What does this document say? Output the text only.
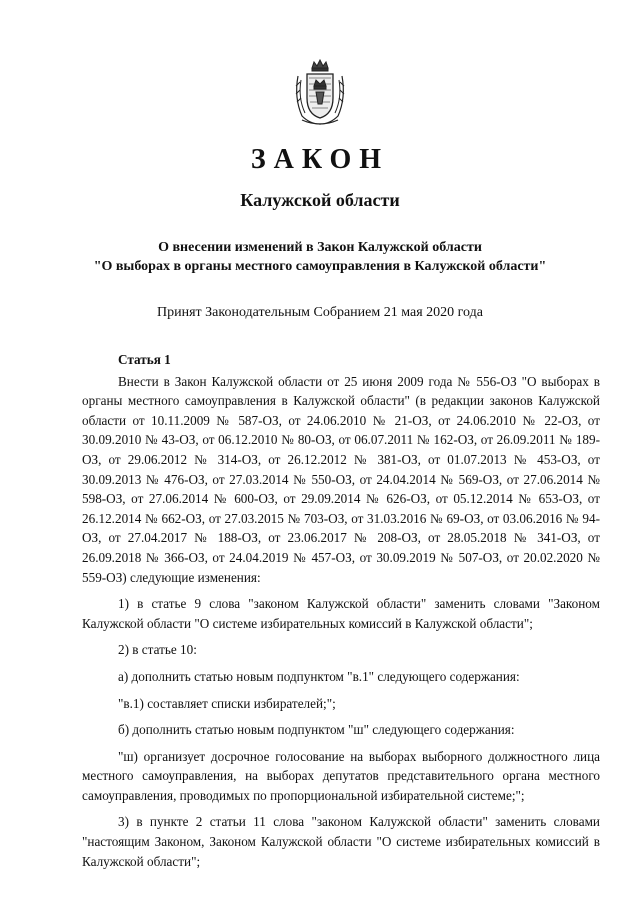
ЗАКОН
Калужской области
О внесении изменений в Закон Калужской области
"О выборах в органы местного самоуправления в Калужской области"
Принят Законодательным Собранием 21 мая 2020 года
Статья 1

Внести в Закон Калужской области от 25 июня 2009 года № 556-ОЗ "О выборах в органы местного самоуправления в Калужской области" (в редакции законов Калужской области от 10.11.2009 № 587-ОЗ, от 24.06.2010 № 21-ОЗ, от 24.06.2010 № 22-ОЗ, от 30.09.2010 № 43-ОЗ, от 06.12.2010 № 80-ОЗ, от 06.07.2011 № 162-ОЗ, от 26.09.2011 № 189-ОЗ, от 29.06.2012 № 314-ОЗ, от 26.12.2012 № 381-ОЗ, от 01.07.2013 № 453-ОЗ, от 30.09.2013 № 476-ОЗ, от 27.03.2014 № 550-ОЗ, от 24.04.2014 № 569-ОЗ, от 27.06.2014 № 598-ОЗ, от 27.06.2014 № 600-ОЗ, от 29.09.2014 № 626-ОЗ, от 05.12.2014 № 653-ОЗ, от 26.12.2014 № 662-ОЗ, от 27.03.2015 № 703-ОЗ, от 31.03.2016 № 69-ОЗ, от 03.06.2016 № 94-ОЗ, от 27.04.2017 № 188-ОЗ, от 23.06.2017 № 208-ОЗ, от 28.05.2018 № 341-ОЗ, от 26.09.2018 № 366-ОЗ, от 24.04.2019 № 457-ОЗ, от 30.09.2019 № 507-ОЗ, от 20.02.2020 № 559-ОЗ) следующие изменения:

1) в статье 9 слова "законом Калужской области" заменить словами "Законом Калужской области "О системе избирательных комиссий в Калужской области";

2) в статье 10:

а) дополнить статью новым подпунктом "в.1" следующего содержания:

"в.1) составляет списки избирателей;";

б) дополнить статью новым подпунктом "ш" следующего содержания:

"ш) организует досрочное голосование на выборах выборного должностного лица местного самоуправления, на выборах депутатов представительного органа местного самоуправления, проводимых по пропорциональной избирательной системе;";

3) в пункте 2 статьи 11 слова "законом Калужской области" заменить словами "настоящим Законом, Законом Калужской области "О системе избирательных комиссий в Калужской области";
